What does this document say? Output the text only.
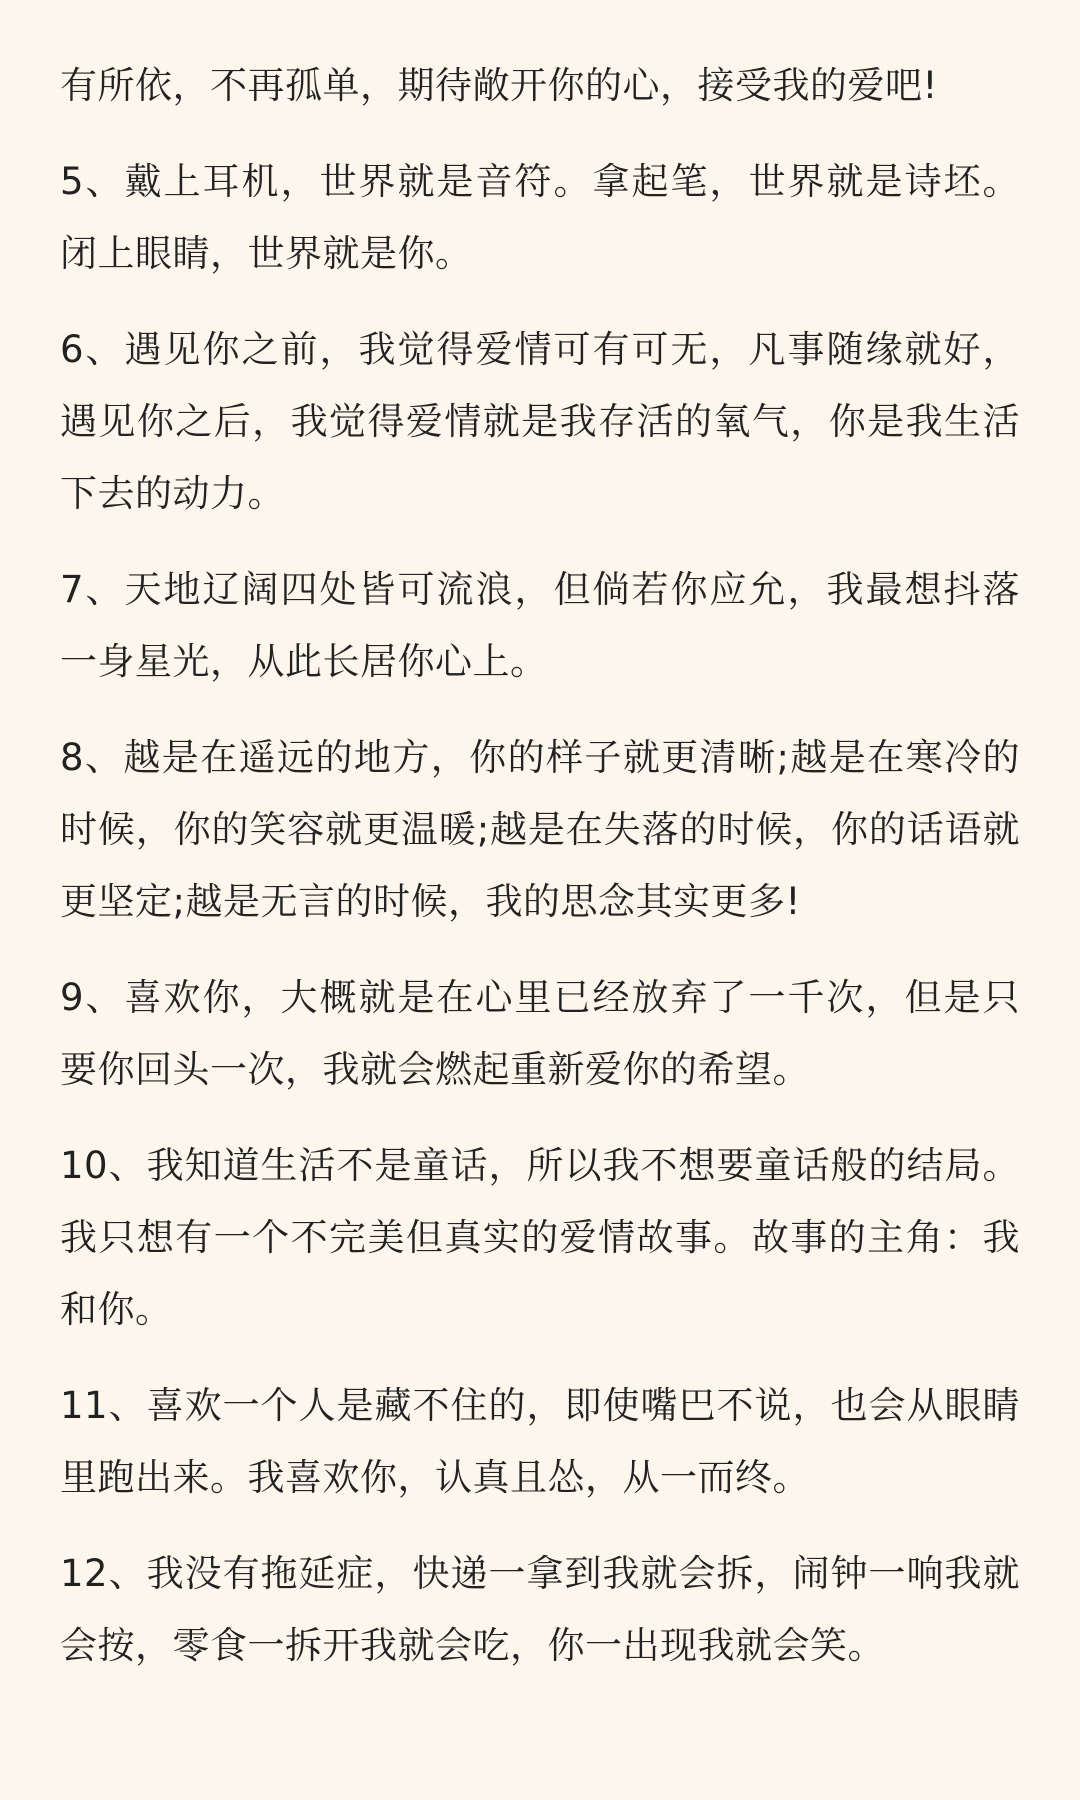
有所依，不再孤单，期待敞开你的心，接受我的爱吧!

5、戴上耳机，世界就是音符。拿起笔，世界就是诗坯。闭上眼睛，世界就是你。

6、遇见你之前，我觉得爱情可有可无，凡事随缘就好，遇见你之后，我觉得爱情就是我存活的氧气，你是我生活下去的动力。

7、天地辽阔四处皆可流浪，但倘若你应允，我最想抖落一身星光，从此长居你心上。

8、越是在遥远的地方，你的样子就更清晰;越是在寒冷的时候，你的笑容就更温暖;越是在失落的时候，你的话语就更坚定;越是无言的时候，我的思念其实更多!

9、喜欢你，大概就是在心里已经放弃了一千次，但是只要你回头一次，我就会燃起重新爱你的希望。

10、我知道生活不是童话，所以我不想要童话般的结局。我只想有一个不完美但真实的爱情故事。故事的主角：我和你。

11、喜欢一个人是藏不住的，即使嘴巴不说，也会从眼睛里跑出来。我喜欢你，认真且怂，从一而终。

12、我没有拖延症，快递一拿到我就会拆，闹钟一响我就会按，零食一拆开我就会吃，你一出现我就会笑。
